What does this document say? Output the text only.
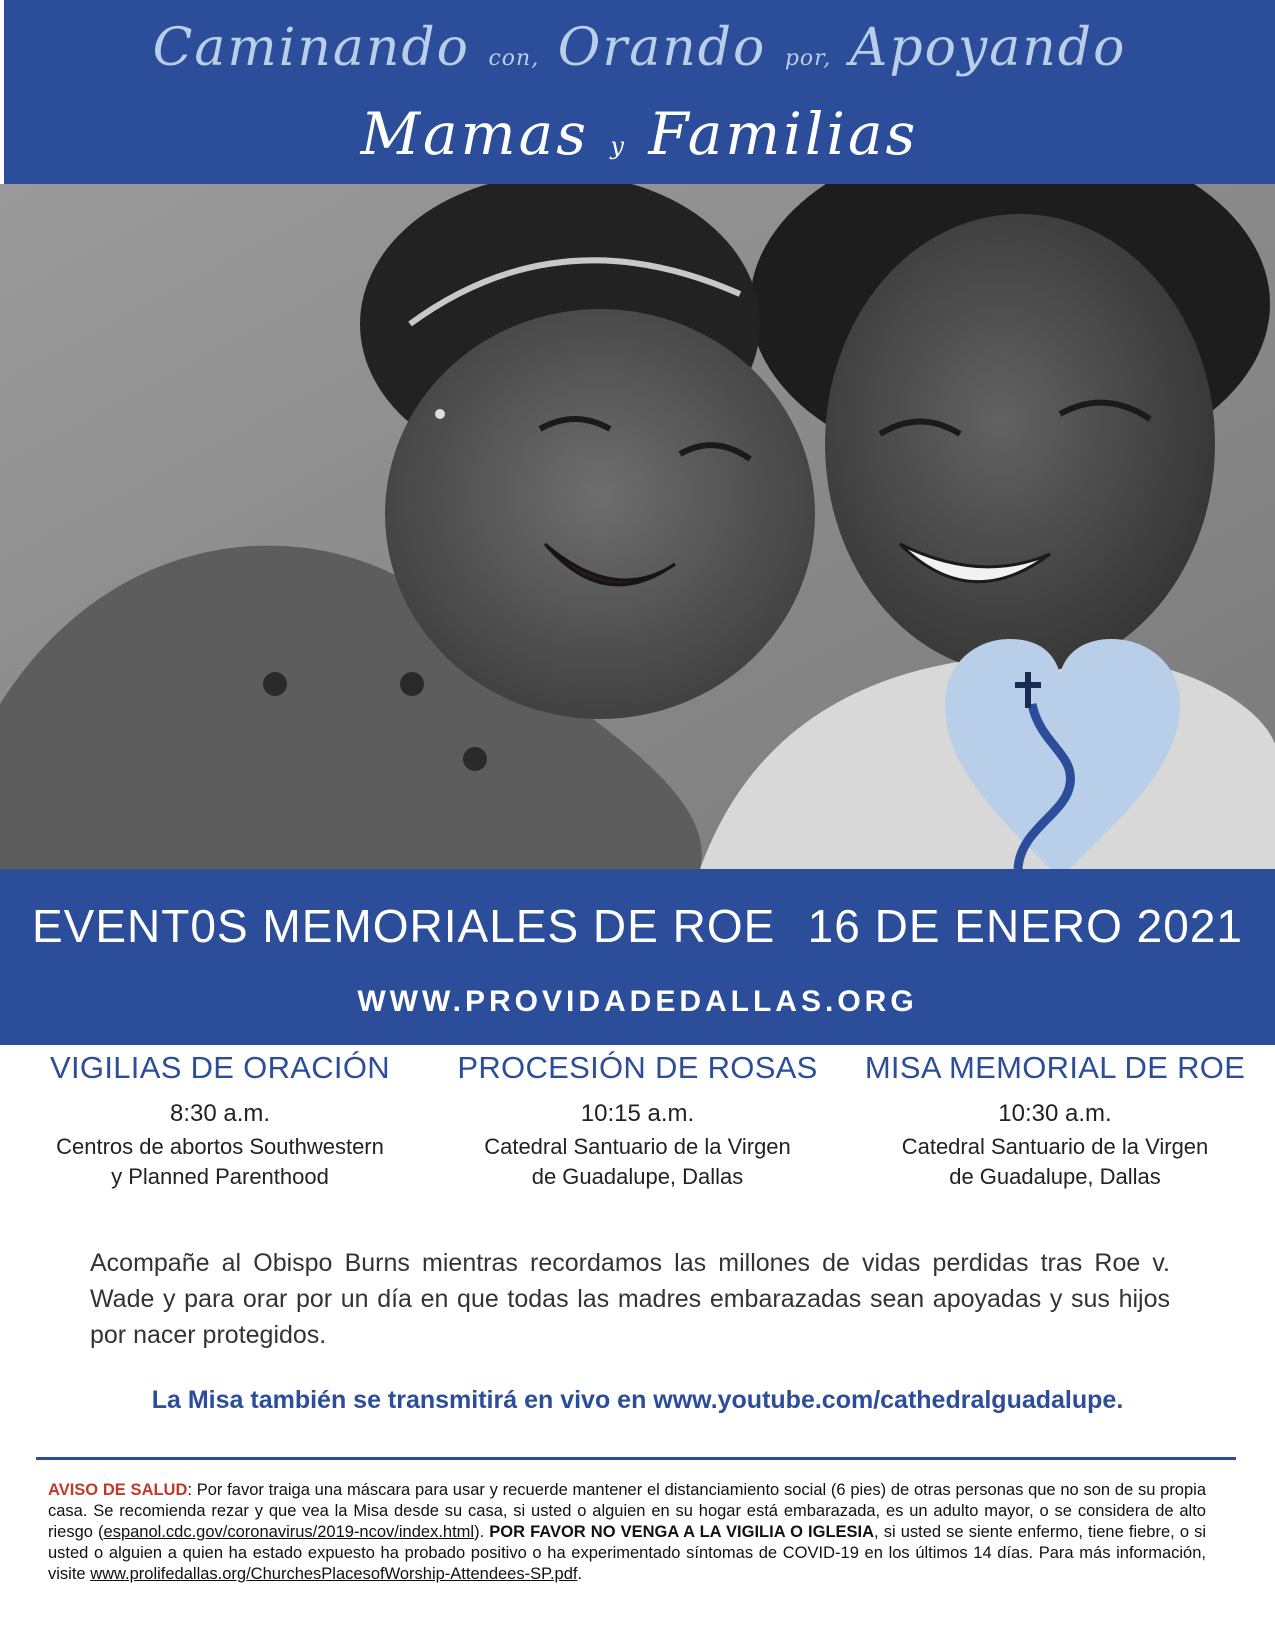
Caminando con, Orando por, Apoyando
Mamas y Familias
EVENT0S MEMORIALES DE ROE 16 DE ENERO 2021
WWW.PROVIDADEDALLAS.ORG
VIGILIAS DE ORACIÓN
8:30 a.m.
Centros de abortos Southwestern
y Planned Parenthood
PROCESIÓN DE ROSAS
10:15 a.m.
Catedral Santuario de la Virgen
de Guadalupe, Dallas
MISA MEMORIAL DE ROE
10:30 a.m.
Catedral Santuario de la Virgen
de Guadalupe, Dallas
Acompañe al Obispo Burns mientras recordamos las millones de vidas perdidas tras Roe v. Wade y para orar por un día en que todas las madres embarazadas sean apoyadas y sus hijos por nacer protegidos.
La Misa también se transmitirá en vivo en www.youtube.com/cathedralguadalupe.
AVISO DE SALUD: Por favor traiga una máscara para usar y recuerde mantener el distanciamiento social (6 pies) de otras personas que no son de su propia casa. Se recomienda rezar y que vea la Misa desde su casa, si usted o alguien en su hogar está embarazada, es un adulto mayor, o se considera de alto riesgo (espanol.cdc.gov/coronavirus/2019-ncov/index.html). POR FAVOR NO VENGA A LA VIGILIA O IGLESIA, si usted se siente enfermo, tiene fiebre, o si usted o alguien a quien ha estado expuesto ha probado positivo o ha experimentado síntomas de COVID-19 en los últimos 14 días. Para más información, visite www.prolifedallas.org/ChurchesPlacesofWorship-Attendees-SP.pdf.
